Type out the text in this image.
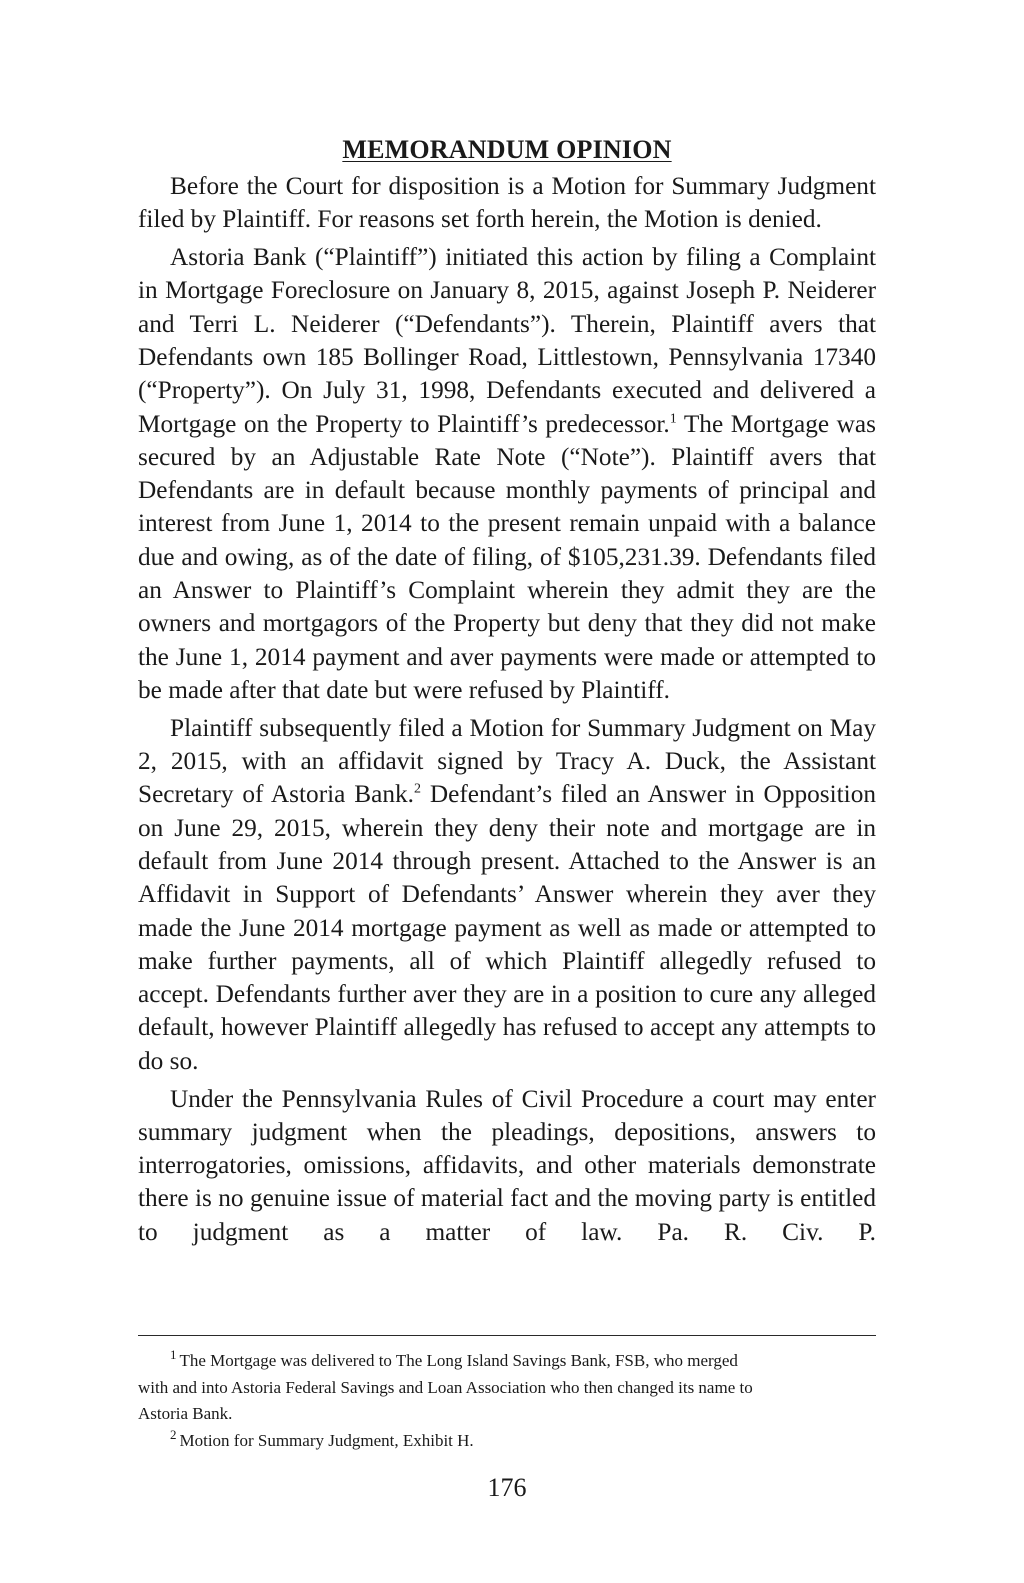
MEMORANDUM OPINION

Before the Court for disposition is a Motion for Summary Judgment filed by Plaintiff. For reasons set forth herein, the Motion is denied.

Astoria Bank (“Plaintiff”) initiated this action by filing a Complaint in Mortgage Foreclosure on January 8, 2015, against Joseph P. Neiderer and Terri L. Neiderer (“Defendants”). Therein, Plaintiff avers that Defendants own 185 Bollinger Road, Littlestown, Pennsylvania 17340 (“Property”). On July 31, 1998, Defendants executed and delivered a Mortgage on the Property to Plaintiff’s predecessor.$^1$ The Mortgage was secured by an Adjustable Rate Note (“Note”). Plaintiff avers that Defendants are in default because monthly payments of principal and interest from June 1, 2014 to the present remain unpaid with a balance due and owing, as of the date of filing, of $105,231.39. Defendants filed an Answer to Plaintiff’s Complaint wherein they admit they are the owners and mortgagors of the Property but deny that they did not make the June 1, 2014 payment and aver payments were made or attempted to be made after that date but were refused by Plaintiff.

Plaintiff subsequently filed a Motion for Summary Judgment on May 2, 2015, with an affidavit signed by Tracy A. Duck, the Assistant Secretary of Astoria Bank.$^2$ Defendant’s filed an Answer in Opposition on June 29, 2015, wherein they deny their note and mortgage are in default from June 2014 through present. Attached to the Answer is an Affidavit in Support of Defendants’ Answer wherein they aver they made the June 2014 mortgage payment as well as made or attempted to make further payments, all of which Plaintiff allegedly refused to accept. Defendants further aver they are in a position to cure any alleged default, however Plaintiff allegedly has refused to accept any attempts to do so.

Under the Pennsylvania Rules of Civil Procedure a court may enter summary judgment when the pleadings, depositions, answers to interrogatories, omissions, affidavits, and other materials demonstrate there is no genuine issue of material fact and the moving party is entitled to judgment as a matter of law. Pa. R. Civ. P.

$^1$ The Mortgage was delivered to The Long Island Savings Bank, FSB, who merged with and into Astoria Federal Savings and Loan Association who then changed its name to Astoria Bank.

$^2$ Motion for Summary Judgment, Exhibit H.

176
